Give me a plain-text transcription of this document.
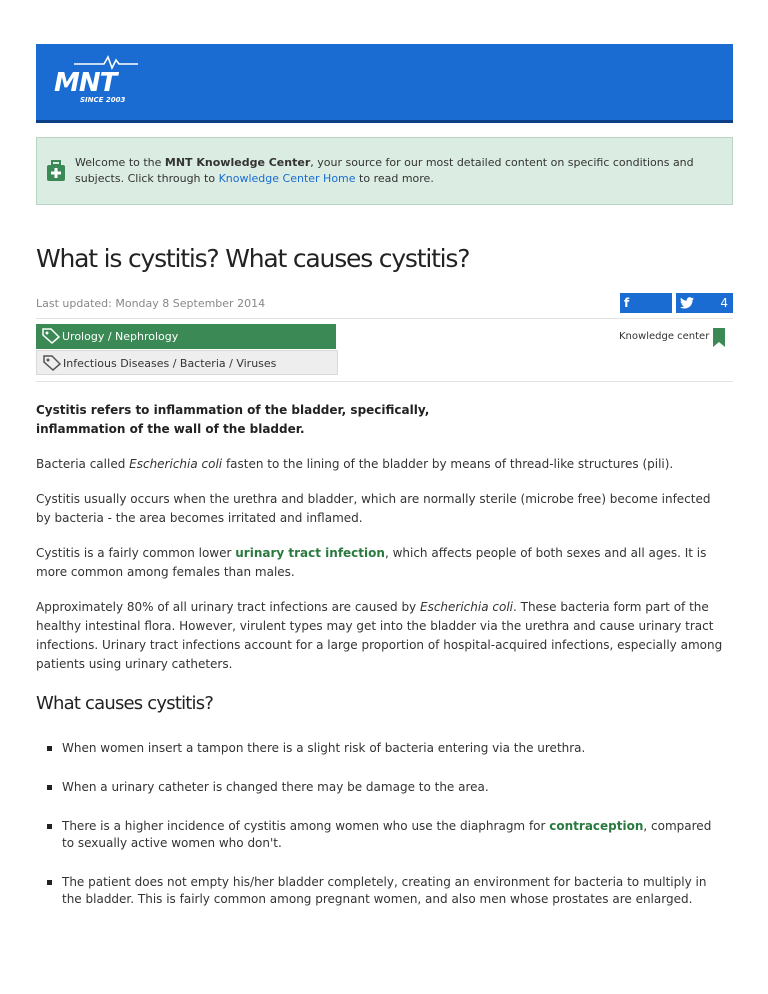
MNT
SINCE 2003
Welcome to the MNT Knowledge Center, your source for our most detailed content on specific conditions and subjects. Click through to Knowledge Center Home to read more.
What is cystitis? What causes cystitis?
Last updated: Monday 8 September 2014	f	4
Urology / Nephrology
Infectious Diseases / Bacteria / Viruses
Knowledge center

Cystitis refers to inflammation of the bladder, specifically,
inflammation of the wall of the bladder.

Bacteria called Escherichia coli fasten to the lining of the bladder by means of thread-like structures (pili).

Cystitis usually occurs when the urethra and bladder, which are normally sterile (microbe free) become infected by bacteria - the area becomes irritated and inflamed.

Cystitis is a fairly common lower urinary tract infection, which affects people of both sexes and all ages. It is more common among females than males.

Approximately 80% of all urinary tract infections are caused by Escherichia coli. These bacteria form part of the healthy intestinal flora. However, virulent types may get into the bladder via the urethra and cause urinary tract infections. Urinary tract infections account for a large proportion of hospital-acquired infections, especially among patients using urinary catheters.

What causes cystitis?
When women insert a tampon there is a slight risk of bacteria entering via the urethra.
When a urinary catheter is changed there may be damage to the area.
There is a higher incidence of cystitis among women who use the diaphragm for contraception, compared to sexually active women who don't.
The patient does not empty his/her bladder completely, creating an environment for bacteria to multiply in the bladder. This is fairly common among pregnant women, and also men whose prostates are enlarged.
